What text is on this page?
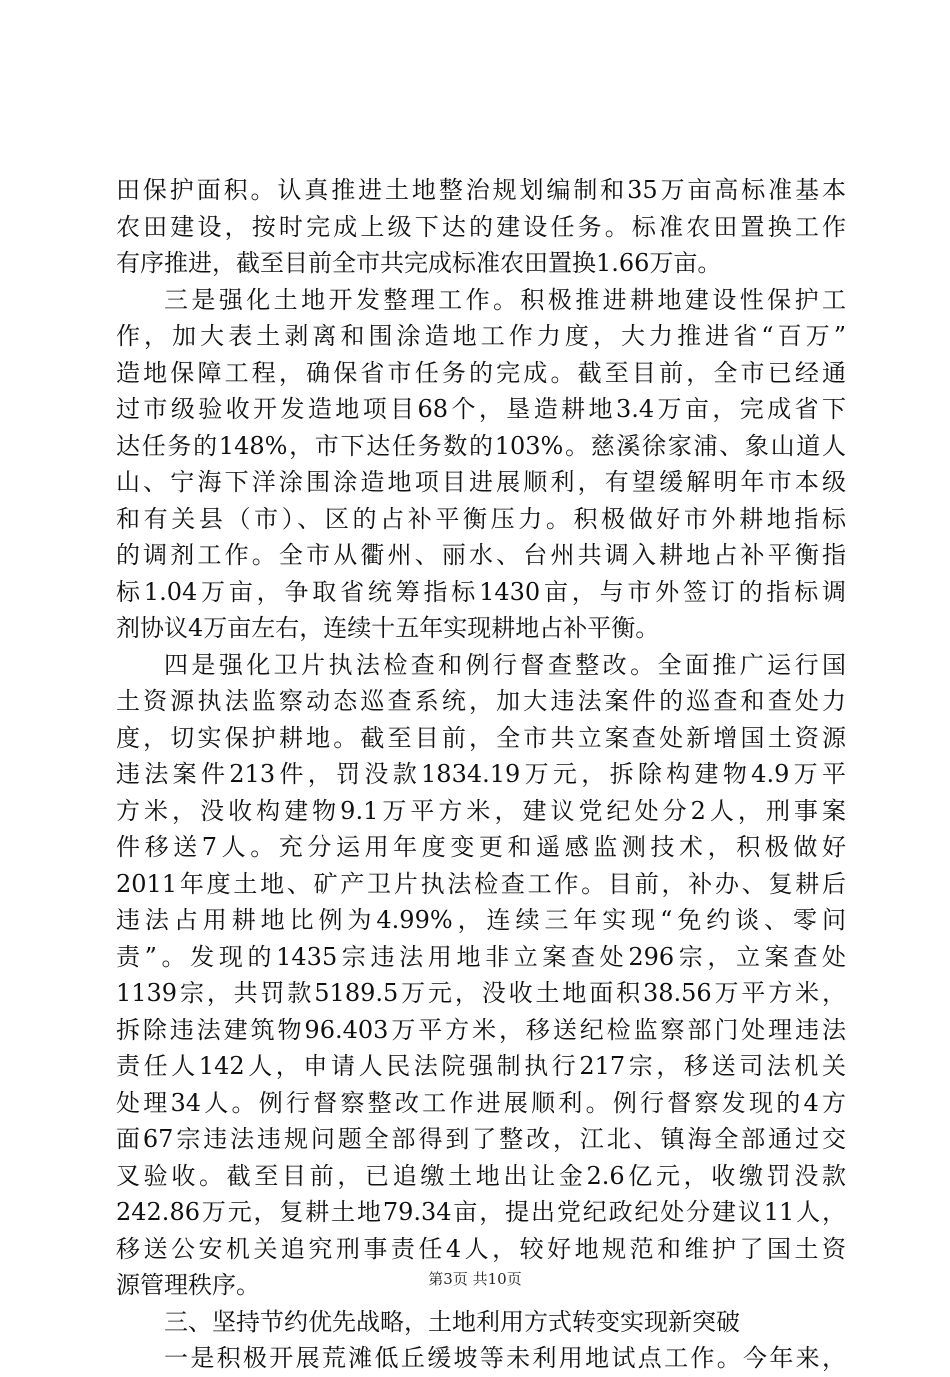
田保护面积。认真推进土地整治规划编制和35万亩高标准基本
农田建设，按时完成上级下达的建设任务。标准农田置换工作
有序推进，截至目前全市共完成标准农田置换1.66万亩。
三是强化土地开发整理工作。积极推进耕地建设性保护工
作，加大表土剥离和围涂造地工作力度，大力推进省“百万”
造地保障工程，确保省市任务的完成。截至目前，全市已经通
过市级验收开发造地项目68个，垦造耕地3.4万亩，完成省下
达任务的148%，市下达任务数的103%。慈溪徐家浦、象山道人
山、宁海下洋涂围涂造地项目进展顺利，有望缓解明年市本级
和有关县（市）、区的占补平衡压力。积极做好市外耕地指标
的调剂工作。全市从衢州、丽水、台州共调入耕地占补平衡指
标1.04万亩，争取省统筹指标1430亩，与市外签订的指标调
剂协议4万亩左右，连续十五年实现耕地占补平衡。
四是强化卫片执法检查和例行督查整改。全面推广运行国
土资源执法监察动态巡查系统，加大违法案件的巡查和查处力
度，切实保护耕地。截至目前，全市共立案查处新增国土资源
违法案件213件，罚没款1834.19万元，拆除构建物4.9万平
方米，没收构建物9.1万平方米，建议党纪处分2人，刑事案
件移送7人。充分运用年度变更和遥感监测技术，积极做好
2011年度土地、矿产卫片执法检查工作。目前，补办、复耕后
违法占用耕地比例为4.99%，连续三年实现“免约谈、零问
责”。发现的1435宗违法用地非立案查处296宗，立案查处
1139宗，共罚款5189.5万元，没收土地面积38.56万平方米，
拆除违法建筑物96.403万平方米，移送纪检监察部门处理违法
责任人142人，申请人民法院强制执行217宗，移送司法机关
处理34人。例行督察整改工作进展顺利。例行督察发现的4方
面67宗违法违规问题全部得到了整改，江北、镇海全部通过交
叉验收。截至目前，已追缴土地出让金2.6亿元，收缴罚没款
242.86万元，复耕土地79.34亩，提出党纪政纪处分建议11人，
移送公安机关追究刑事责任4人，较好地规范和维护了国土资
源管理秩序。
三、坚持节约优先战略，土地利用方式转变实现新突破
一是积极开展荒滩低丘缓坡等未利用地试点工作。今年来，
第3页 共10页
